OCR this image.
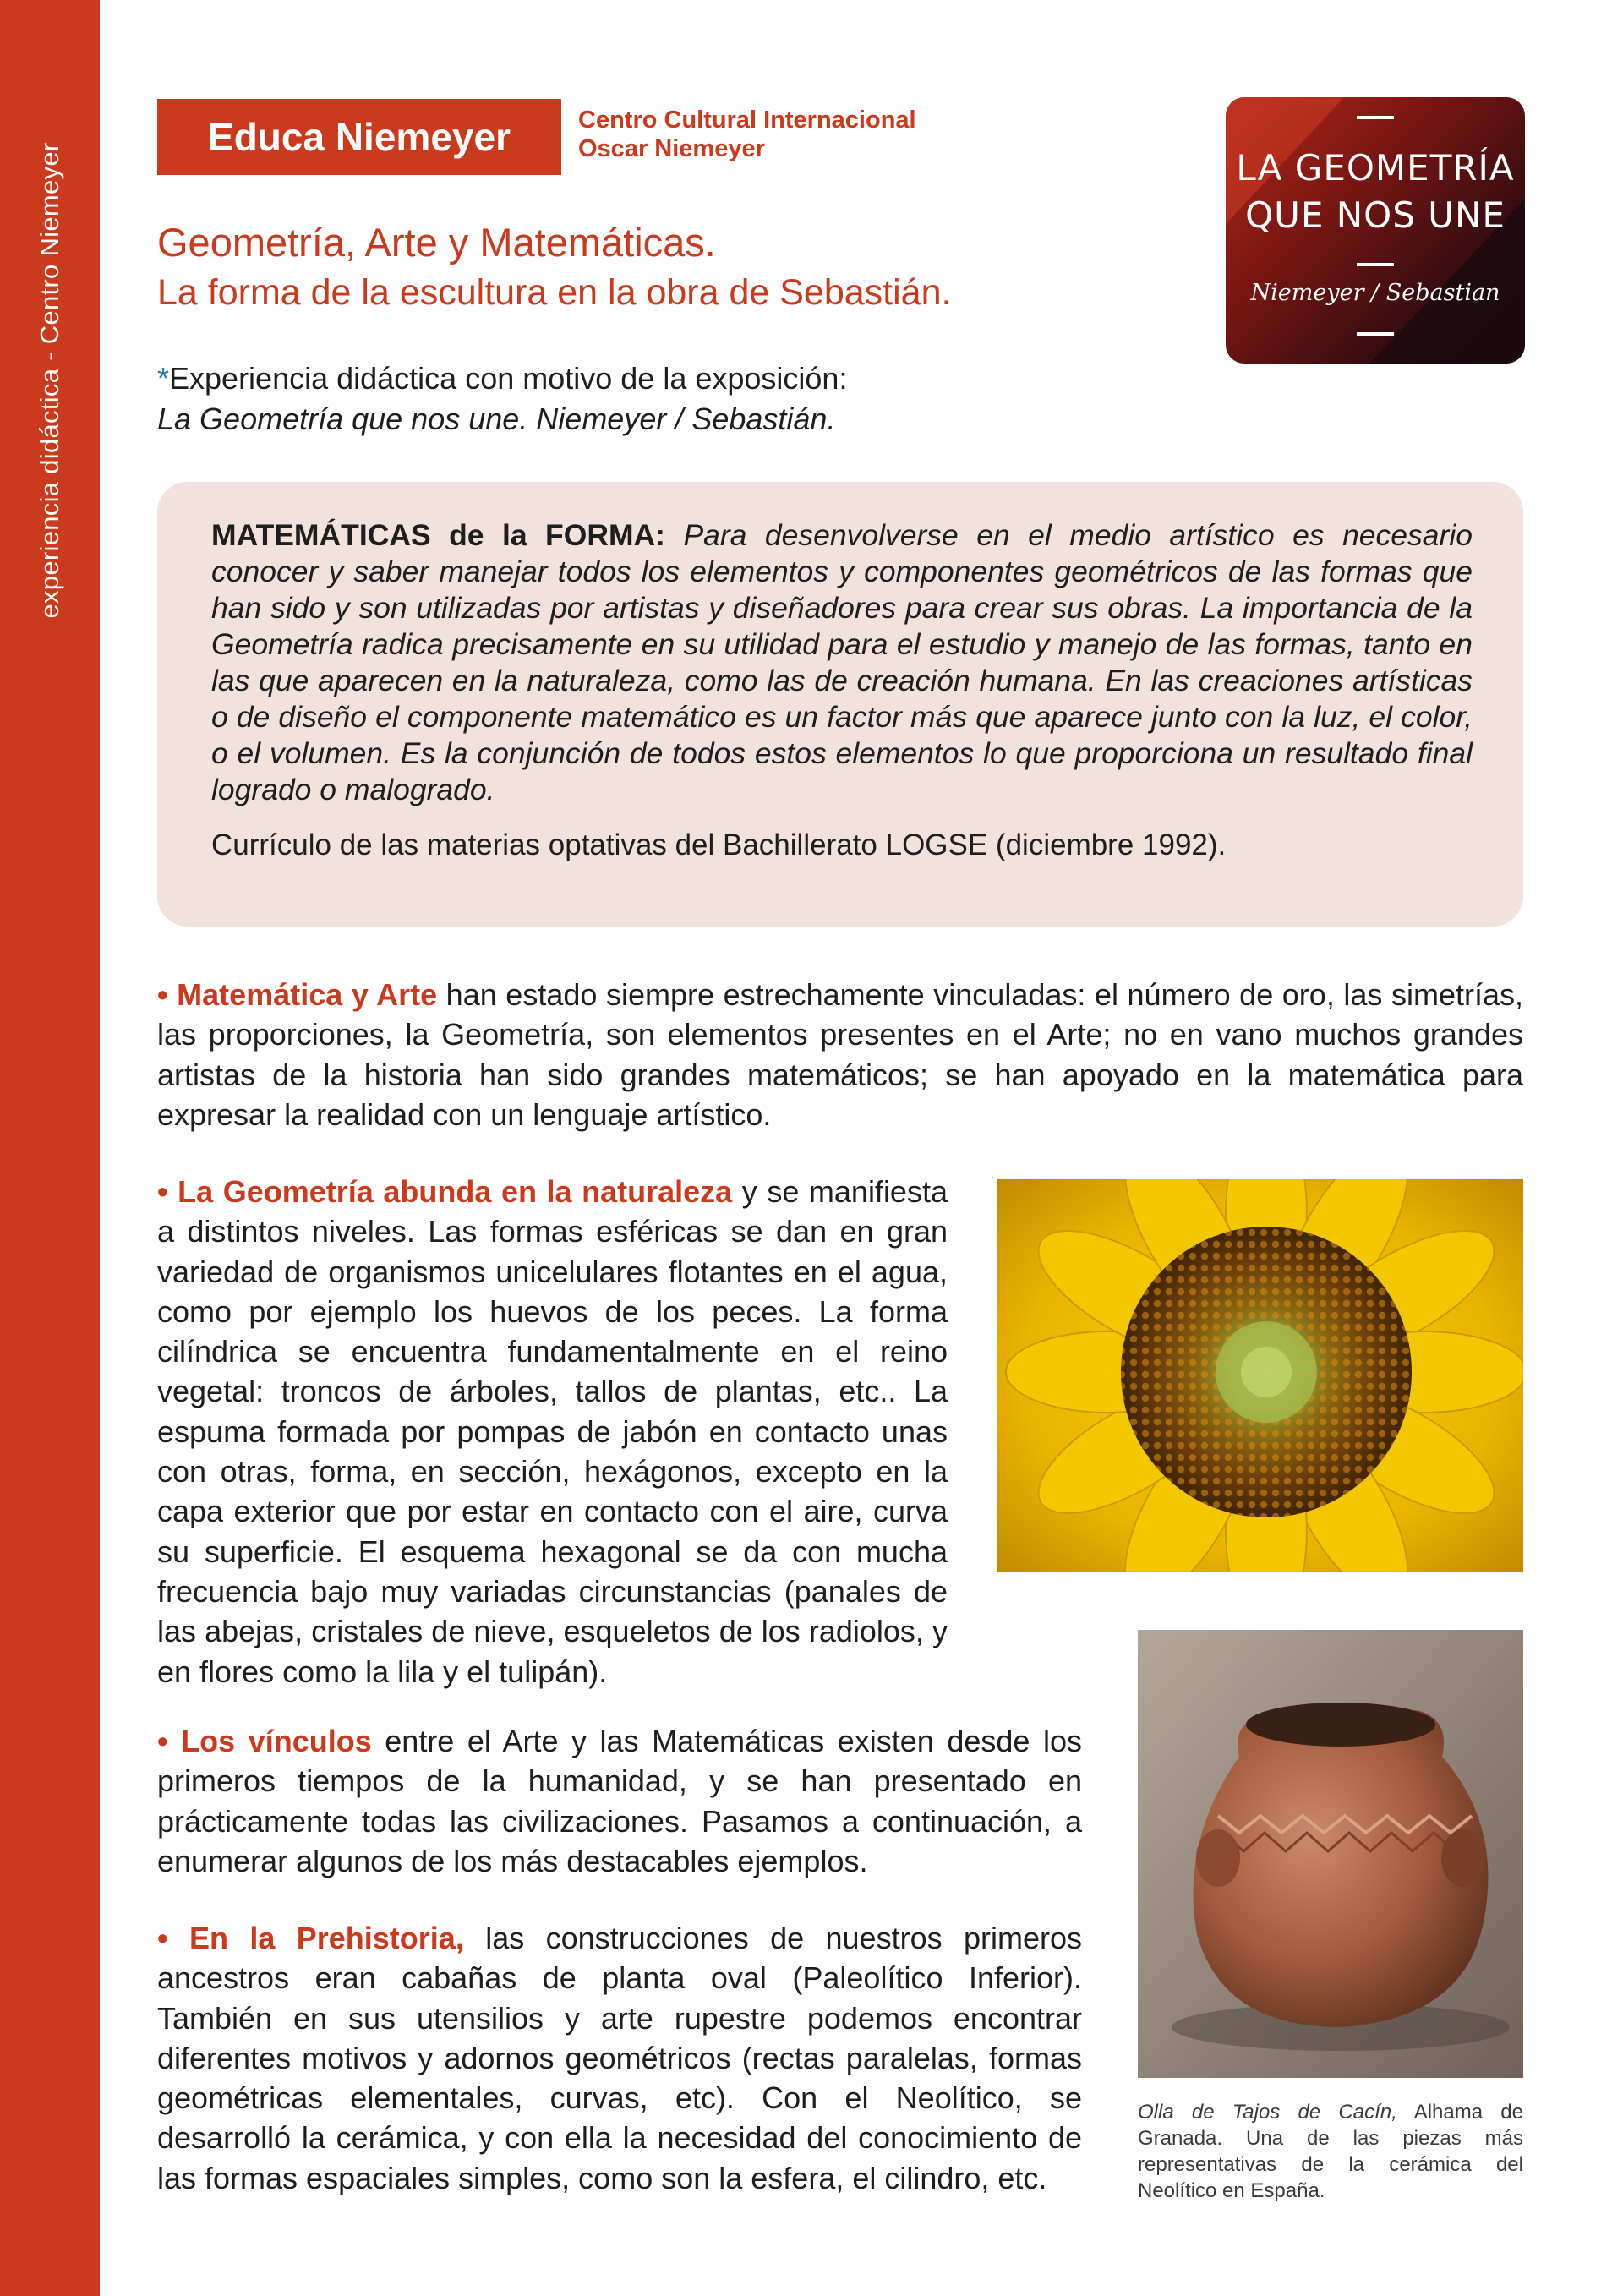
experiencia didáctica - Centro Niemeyer
Educa Niemeyer	Centro Cultural Internacional
Oscar Niemeyer	LA GEOMETRÍA
QUE NOS UNE
Niemeyer / Sebastian
Geometría, Arte y Matemáticas.
La forma de la escultura en la obra de Sebastián.
*Experiencia didáctica con motivo de la exposición:
La Geometría que nos une. Niemeyer / Sebastián.

MATEMÁTICAS de la FORMA: Para desenvolverse en el medio artístico es necesario conocer y saber manejar todos los elementos y componentes geométricos de las formas que han sido y son utilizadas por artistas y diseñadores para crear sus obras. La importancia de la Geometría radica precisamente en su utilidad para el estudio y manejo de las formas, tanto en las que aparecen en la naturaleza, como las de creación humana. En las creaciones artísticas o de diseño el componente matemático es un factor más que aparece junto con la luz, el color, o el volumen. Es la conjunción de todos estos elementos lo que proporciona un resultado final logrado o malogrado.

Currículo de las materias optativas del Bachillerato LOGSE (diciembre 1992).

• Matemática y Arte han estado siempre estrechamente vinculadas: el número de oro, las simetrías, las proporciones, la Geometría, son elementos presentes en el Arte; no en vano muchos grandes artistas de la historia han sido grandes matemáticos; se han apoyado en la matemática para expresar la realidad con un lenguaje artístico.

• La Geometría abunda en la naturaleza y se manifiesta a distintos niveles. Las formas esféricas se dan en gran variedad de organismos unicelulares flotantes en el agua, como por ejemplo los huevos de los peces. La forma cilíndrica se encuentra fundamentalmente en el reino vegetal: troncos de árboles, tallos de plantas, etc.. La espuma formada por pompas de jabón en contacto unas con otras, forma, en sección, hexágonos, excepto en la capa exterior que por estar en contacto con el aire, curva su superficie. El esquema hexagonal se da con mucha frecuencia bajo muy variadas circunstancias (panales de las abejas, cristales de nieve, esqueletos de los radiolos, y en flores como la lila y el tulipán).

• Los vínculos entre el Arte y las Matemáticas existen desde los primeros tiempos de la humanidad, y se han presentado en prácticamente todas las civilizaciones. Pasamos a continuación, a enumerar algunos de los más destacables ejemplos.

• En la Prehistoria, las construcciones de nuestros primeros ancestros eran cabañas de planta oval (Paleolítico Inferior). También en sus utensilios y arte rupestre podemos encontrar diferentes motivos y adornos geométricos (rectas paralelas, formas geométricas elementales, curvas, etc). Con el Neolítico, se desarrolló la cerámica, y con ella la necesidad del conocimiento de las formas espaciales simples, como son la esfera, el cilindro, etc.

Olla de Tajos de Cacín, Alhama de Granada. Una de las piezas más representativas de la cerámica del Neolítico en España.
